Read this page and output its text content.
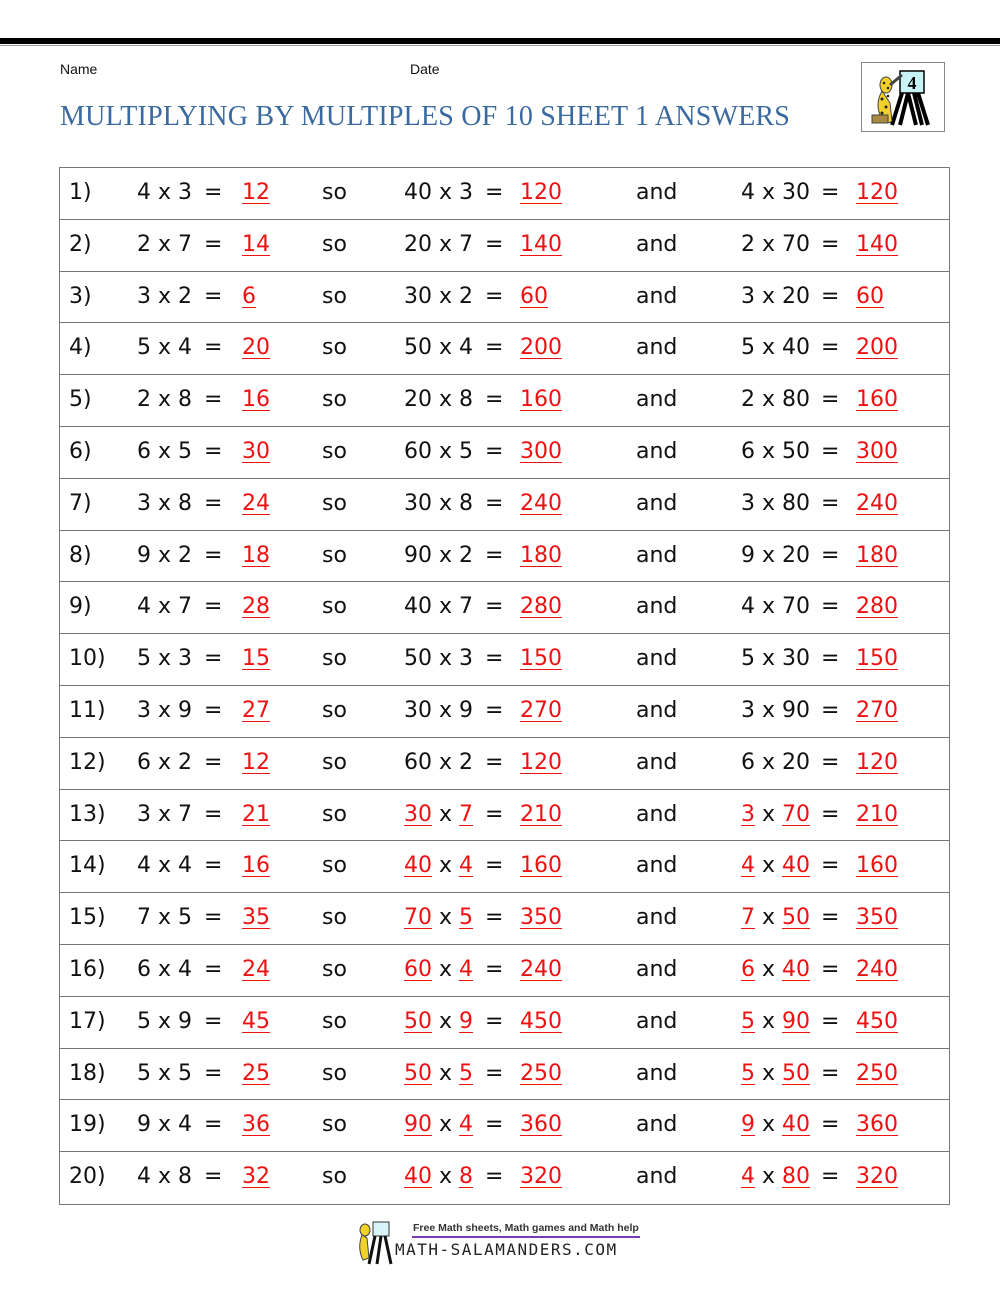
Name	Date
MULTIPLYING BY MULTIPLES OF 10 SHEET 1 ANSWERS
4
1) 4 x 3 = 12 so	40 x 3 = 120	and	4 x 30 = 120
2) 2 x 7 = 14 so	20 x 7 = 140	and	2 x 70 = 140
3) 3 x 2 = 6	so	30 x 2 = 60	and	3 x 20 = 60
4) 5 x 4 = 20 so	50 x 4 = 200	and	5 x 40 = 200
5) 2 x 8 = 16 so	20 x 8 = 160	and	2 x 80 = 160
6) 6 x 5 = 30 so	60 x 5 = 300	and	6 x 50 = 300
7) 3 x 8 = 24 so	30 x 8 = 240	and	3 x 80 = 240
8) 9 x 2 = 18 so	90 x 2 = 180	and	9 x 20 = 180
9) 4 x 7 = 28 so	40 x 7 = 280	and	4 x 70 = 280
10) 5 x 3 = 15 so	50 x 3 = 150	and	5 x 30 = 150
11) 3 x 9 = 27 so	30 x 9 = 270	and	3 x 90 = 270
12) 6 x 2 = 12 so	60 x 2 = 120	and	6 x 20 = 120
13) 3 x 7 = 21 so	30 x 7 = 210	and	3 x 70 = 210
14) 4 x 4 = 16 so	40 x 4 = 160	and	4 x 40 = 160
15) 7 x 5 = 35 so	70 x 5 = 350	and	7 x 50 = 350
16) 6 x 4 = 24 so	60 x 4 = 240	and	6 x 40 = 240
17) 5 x 9 = 45 so	50 x 9 = 450	and	5 x 90 = 450
18) 5 x 5 = 25 so	50 x 5 = 250	and	5 x 50 = 250
19) 9 x 4 = 36 so	90 x 4 = 360	and	9 x 40 = 360
20) 4 x 8 = 32 so	40 x 8 = 320	and	4 x 80 = 320
Free Math sheets, Math games and Math help
MATH-SALAMANDERS.COM
